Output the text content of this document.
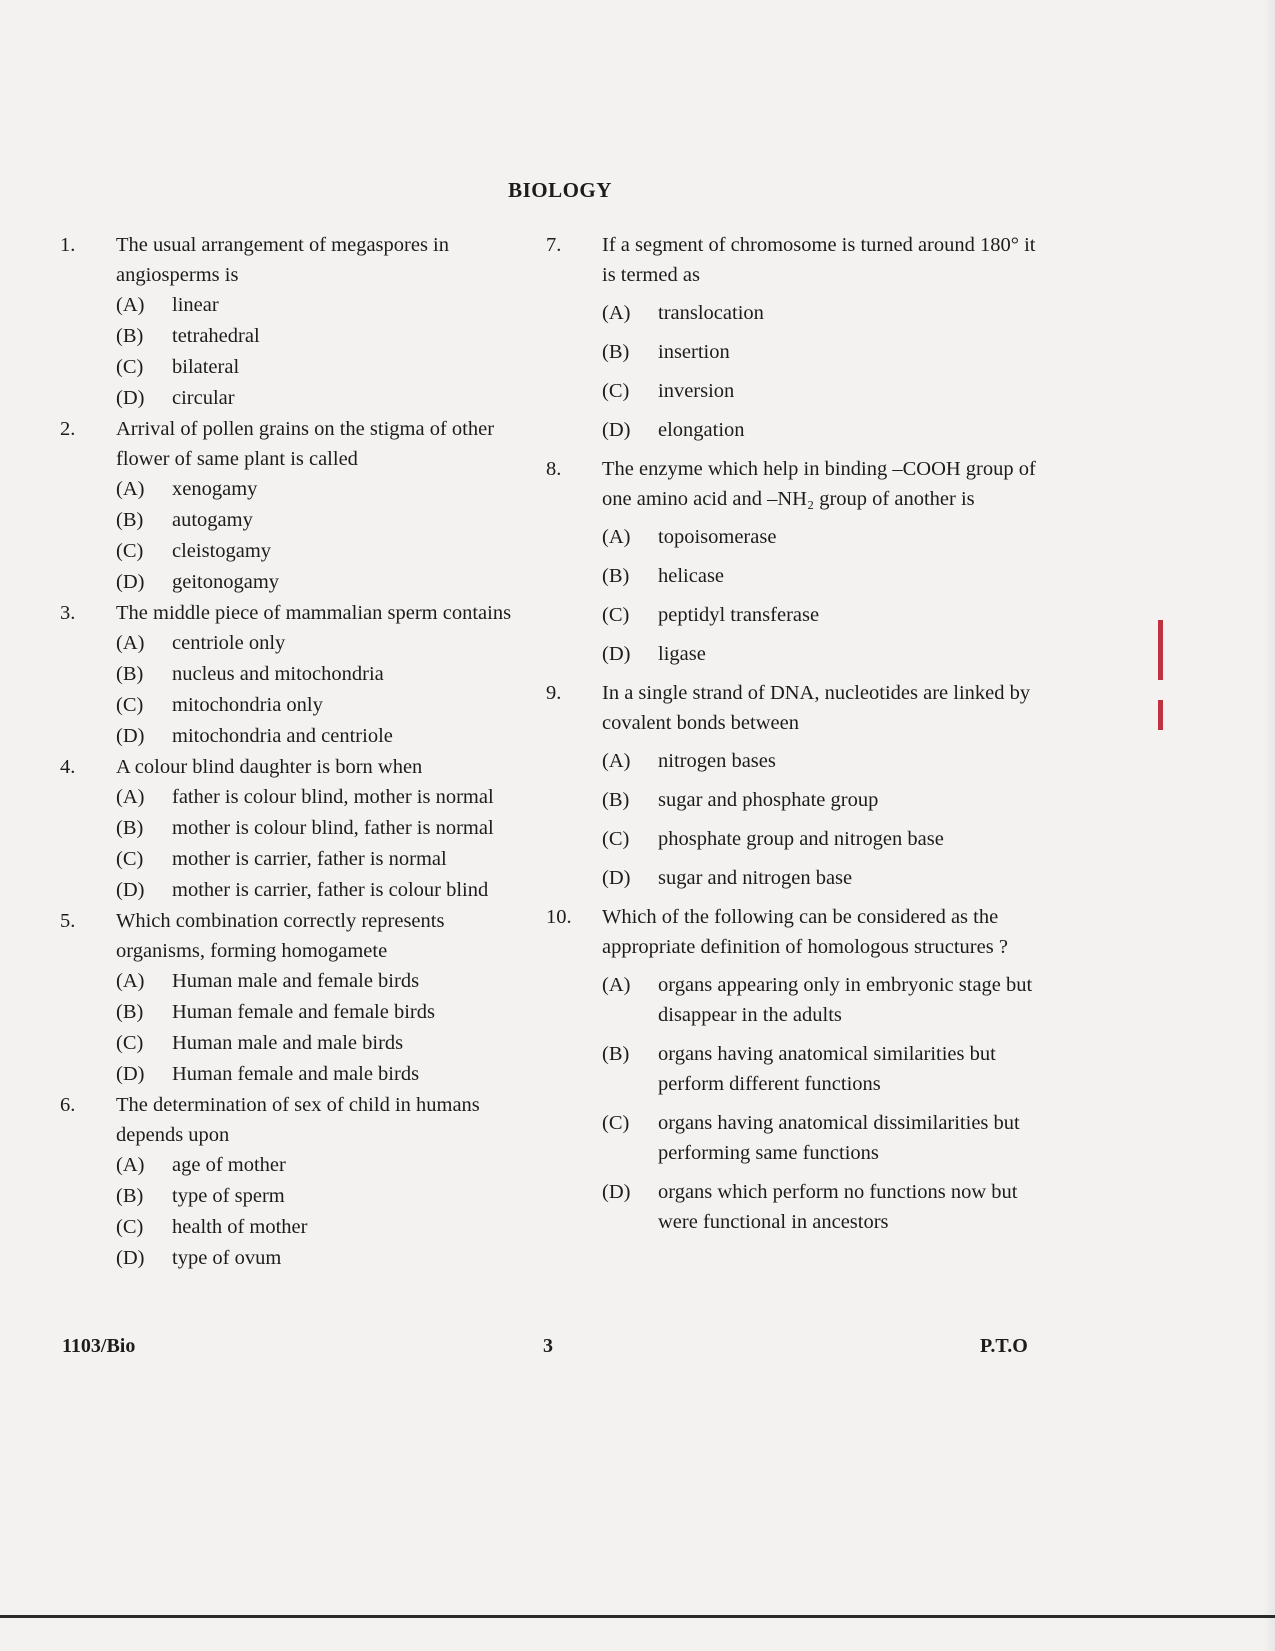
BIOLOGY
1.	The usual arrangement of megaspores in angiosperms is
(A)	linear
(B)	tetrahedral
(C)	bilateral
(D)	circular
2.	Arrival of pollen grains on the stigma of other flower of same plant is called
(A)	xenogamy
(B)	autogamy
(C)	cleistogamy
(D)	geitonogamy
3.	The middle piece of mammalian sperm contains
(A)	centriole only
(B)	nucleus and mitochondria
(C)	mitochondria only
(D)	mitochondria and centriole
4.	A colour blind daughter is born when
(A)	father is colour blind, mother is normal
(B)	mother is colour blind, father is normal
(C)	mother is carrier, father is normal
(D)	mother is carrier, father is colour blind
5.	Which combination correctly represents organisms, forming homogamete
(A)	Human male and female birds
(B)	Human female and female birds
(C)	Human male and male birds
(D)	Human female and male birds
6.	The determination of sex of child in humans depends upon
(A)	age of mother
(B)	type of sperm
(C)	health of mother
(D)	type of ovum
7.	If a segment of chromosome is turned around 180° it is termed as
(A)	translocation
(B)	insertion
(C)	inversion
(D)	elongation
8.	The enzyme which help in binding –COOH group of one amino acid and –NH₂ group of another is
(A)	topoisomerase
(B)	helicase
(C)	peptidyl transferase
(D)	ligase
9.	In a single strand of DNA, nucleotides are linked by covalent bonds between
(A)	nitrogen bases
(B)	sugar and phosphate group
(C)	phosphate group and nitrogen base
(D)	sugar and nitrogen base
10.	Which of the following can be considered as the appropriate definition of homologous structures ?
(A)	organs appearing only in embryonic stage but disappear in the adults
(B)	organs having anatomical similarities but perform different functions
(C)	organs having anatomical dissimilarities but performing same functions
(D)	organs which perform no functions now but were functional in ancestors
1103/Bio	3	P.T.O
